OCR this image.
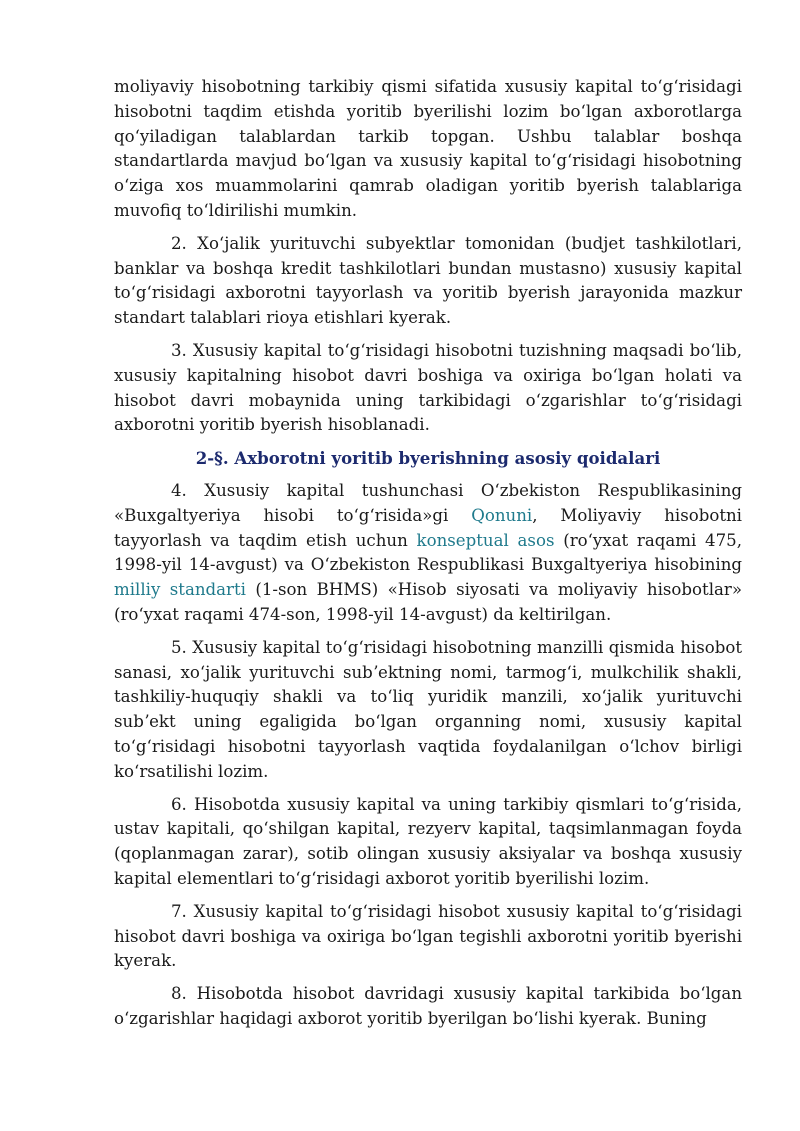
moliyaviy hisobotning tarkibiy qismi sifatida xususiy kapital toʻgʻrisidagi hisobotni taqdim etishda yoritib byerilishi lozim boʻlgan axborotlarga qoʻyiladigan talablardan tarkib topgan. Ushbu talablar boshqa standartlarda mavjud boʻlgan va xususiy kapital toʻgʻrisidagi hisobotning oʻziga xos muammolarini qamrab oladigan yoritib byerish talablariga muvofiq toʻldirilishi mumkin.

2. Xoʻjalik yurituvchi subyektlar tomonidan (budjet tashkilotlari, banklar va boshqa kredit tashkilotlari bundan mustasno) xususiy kapital toʻgʻrisidagi axborotni tayyorlash va yoritib byerish jarayonida mazkur standart talablari rioya etishlari kyerak.

3. Xususiy kapital toʻgʻrisidagi hisobotni tuzishning maqsadi boʻlib, xususiy kapitalning hisobot davri boshiga va oxiriga boʻlgan holati va hisobot davri mobaynida uning tarkibidagi oʻzgarishlar toʻgʻrisidagi axborotni yoritib byerish hisoblanadi.

2-§. Axborotni yoritib byerishning asosiy qoidalari

4. Xususiy kapital tushunchasi Oʻzbekiston Respublikasining «Buxgaltyeriya hisobi toʻgʻrisida»gi Qonuni, Moliyaviy hisobotni tayyorlash va taqdim etish uchun konseptual asos (roʻyxat raqami 475, 1998-yil 14-avgust) va Oʻzbekiston Respublikasi Buxgaltyeriya hisobining milliy standarti (1-son BHMS) «Hisob siyosati va moliyaviy hisobotlar» (roʻyxat raqami 474-son, 1998-yil 14-avgust) da keltirilgan.

5. Xususiy kapital toʻgʻrisidagi hisobotning manzilli qismida hisobot sanasi, xoʻjalik yurituvchi subʼektning nomi, tarmogʻi, mulkchilik shakli, tashkiliy-huquqiy shakli va toʻliq yuridik manzili, xoʻjalik yurituvchi subʼekt uning egaligida boʻlgan organning nomi, xususiy kapital toʻgʻrisidagi hisobotni tayyorlash vaqtida foydalanilgan oʻlchov birligi koʻrsatilishi lozim.

6. Hisobotda xususiy kapital va uning tarkibiy qismlari toʻgʻrisida, ustav kapitali, qoʻshilgan kapital, rezyerv kapital, taqsimlanmagan foyda (qoplanmagan zarar), sotib olingan xususiy aksiyalar va boshqa xususiy kapital elementlari toʻgʻrisidagi axborot yoritib byerilishi lozim.

7. Xususiy kapital toʻgʻrisidagi hisobot xususiy kapital toʻgʻrisidagi hisobot davri boshiga va oxiriga boʻlgan tegishli axborotni yoritib byerishi kyerak.

8. Hisobotda hisobot davridagi xususiy kapital tarkibida boʻlgan oʻzgarishlar haqidagi axborot yoritib byerilgan boʻlishi kyerak. Buning
